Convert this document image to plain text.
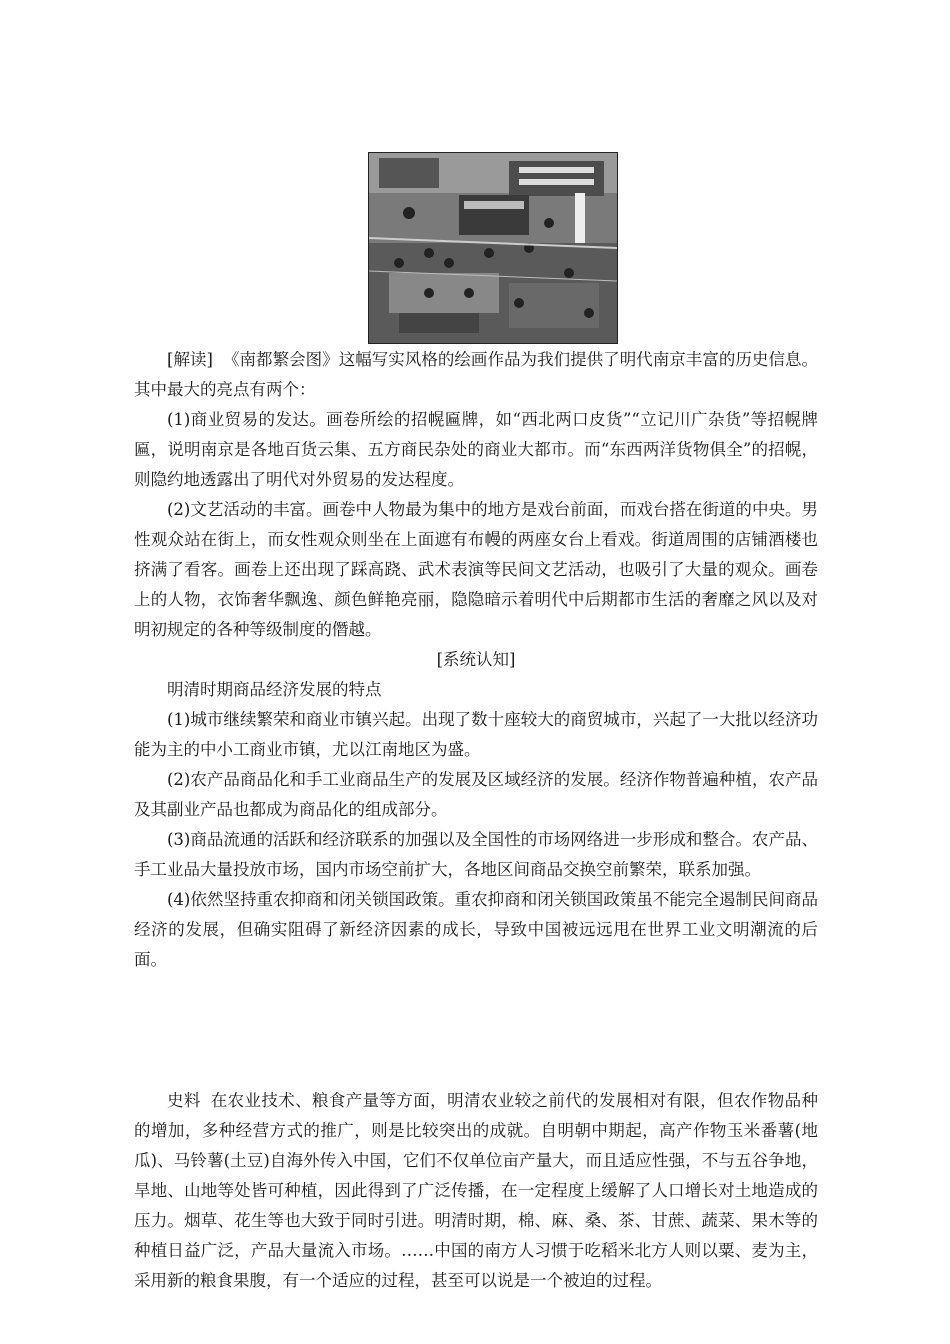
[解读] 《南都繁会图》这幅写实风格的绘画作品为我们提供了明代南京丰富的历史信息。其中最大的亮点有两个：

(1)商业贸易的发达。画卷所绘的招幌匾牌，如“西北两口皮货”“立记川广杂货”等招幌牌匾，说明南京是各地百货云集、五方商民杂处的商业大都市。而“东西两洋货物俱全”的招幌，则隐约地透露出了明代对外贸易的发达程度。

(2)文艺活动的丰富。画卷中人物最为集中的地方是戏台前面，而戏台搭在街道的中央。男性观众站在街上，而女性观众则坐在上面遮有布幔的两座女台上看戏。街道周围的店铺酒楼也挤满了看客。画卷上还出现了踩高跷、武术表演等民间文艺活动，也吸引了大量的观众。画卷上的人物，衣饰奢华飘逸、颜色鲜艳亮丽，隐隐暗示着明代中后期都市生活的奢靡之风以及对明初规定的各种等级制度的僭越。

[系统认知]

明清时期商品经济发展的特点

(1)城市继续繁荣和商业市镇兴起。出现了数十座较大的商贸城市，兴起了一大批以经济功能为主的中小工商业市镇，尤以江南地区为盛。

(2)农产品商品化和手工业商品生产的发展及区域经济的发展。经济作物普遍种植，农产品及其副业产品也都成为商品化的组成部分。

(3)商品流通的活跃和经济联系的加强以及全国性的市场网络进一步形成和整合。农产品、手工业品大量投放市场，国内市场空前扩大，各地区间商品交换空前繁荣，联系加强。

(4)依然坚持重农抑商和闭关锁国政策。重农抑商和闭关锁国政策虽不能完全遏制民间商品经济的发展，但确实阻碍了新经济因素的成长，导致中国被远远甩在世界工业文明潮流的后面。

史料 在农业技术、粮食产量等方面，明清农业较之前代的发展相对有限，但农作物品种的增加，多种经营方式的推广，则是比较突出的成就。自明朝中期起，高产作物玉米番薯(地瓜)、马铃薯(土豆)自海外传入中国，它们不仅单位亩产量大，而且适应性强，不与五谷争地，旱地、山地等处皆可种植，因此得到了广泛传播，在一定程度上缓解了人口增长对土地造成的压力。烟草、花生等也大致于同时引进。明清时期，棉、麻、桑、茶、甘蔗、蔬菜、果木等的种植日益广泛，产品大量流入市场。……中国的南方人习惯于吃稻米北方人则以粟、麦为主，采用新的粮食果腹，有一个适应的过程，甚至可以说是一个被迫的过程。
